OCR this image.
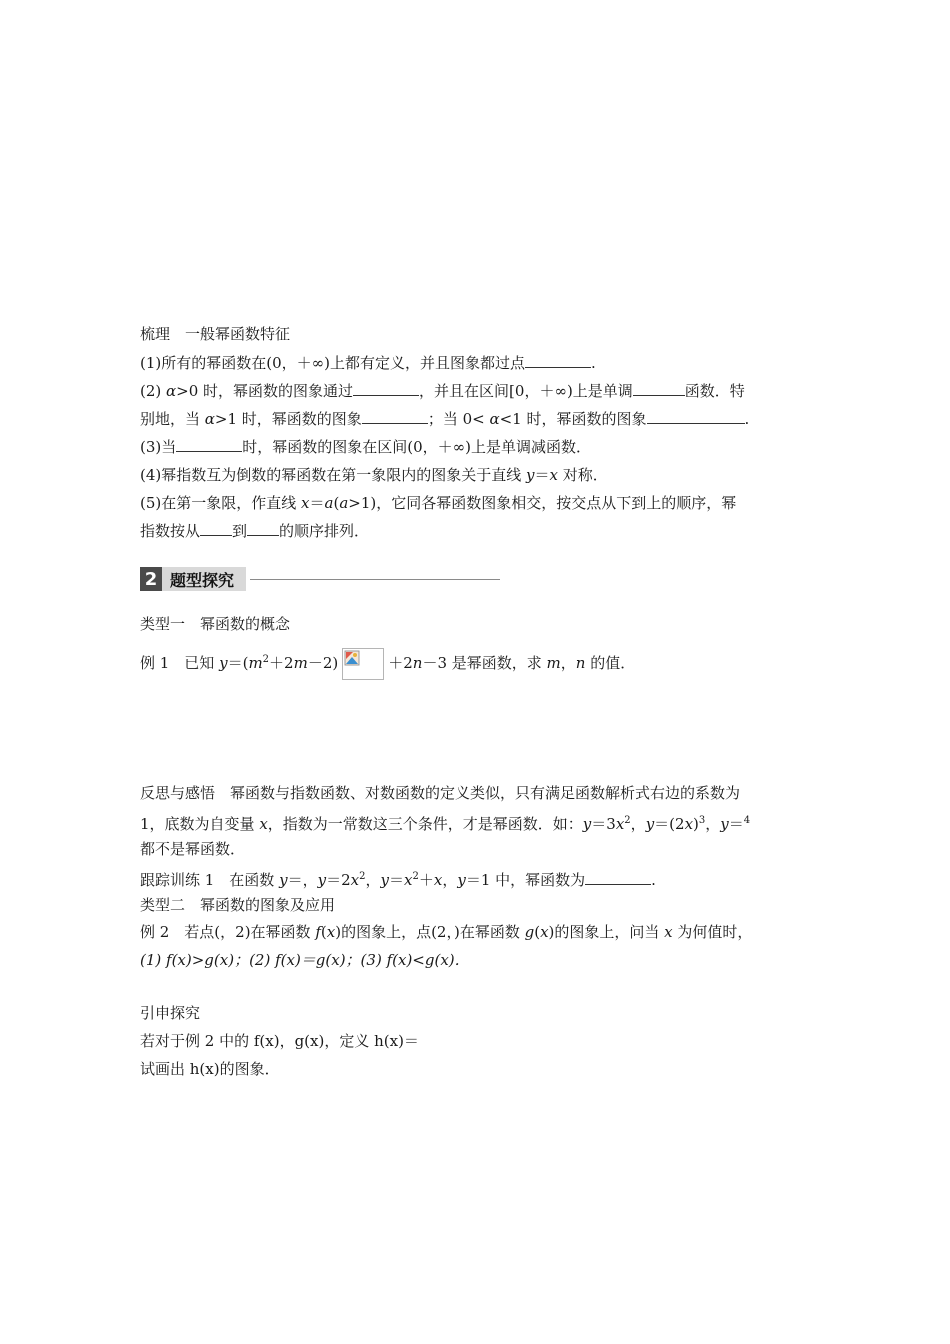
梳理　一般幂函数特征
(1)所有的幂函数在(0，＋∞)上都有定义，并且图象都过点	.
(2) α>0 时，幂函数的图象通过	，并且在区间[0，＋∞)上是单调	函数．特
别地，当 α>1 时，幂函数的图象	；当 0< α<1 时，幂函数的图象	.
(3)当	时，幂函数的图象在区间(0，＋∞)上是单调减函数．
(4)幂指数互为倒数的幂函数在第一象限内的图象关于直线 y＝x 对称．
(5)在第一象限，作直线 x＝a(a>1)，它同各幂函数图象相交，按交点从下到上的顺序，幂
指数按从 到 的顺序排列．
2 题型探究
类型一　幂函数的概念
例 1　已知 $y=(m^2+2m-2)$	＋2n－3 是幂函数，求 m，n 的值．
反思与感悟　幂函数与指数函数、对数函数的定义类似，只有满足函数解析式右边的系数为
1，底数为自变量 x，指数为一常数这三个条件，才是幂函数．如：$y=3x^2$，$y=(2x)^3$，y＝$^4$
都不是幂函数．
跟踪训练 1　在函数 y＝，$y=2x^2$，$y=x^2+x$，y＝1 中，幂函数为	.
类型二　幂函数的图象及应用
例 2　若点(，2)在幂函数 f(x)的图象上，点(2，)在幂函数 g(x)的图象上，问当 x 为何值时，
(1) f(x)>g(x)；(2) f(x)＝g(x)；(3) f(x)<g(x)．
引申探究
若对于例 2 中的 f(x)，g(x)，定义 h(x)＝
试画出 h(x)的图象．
